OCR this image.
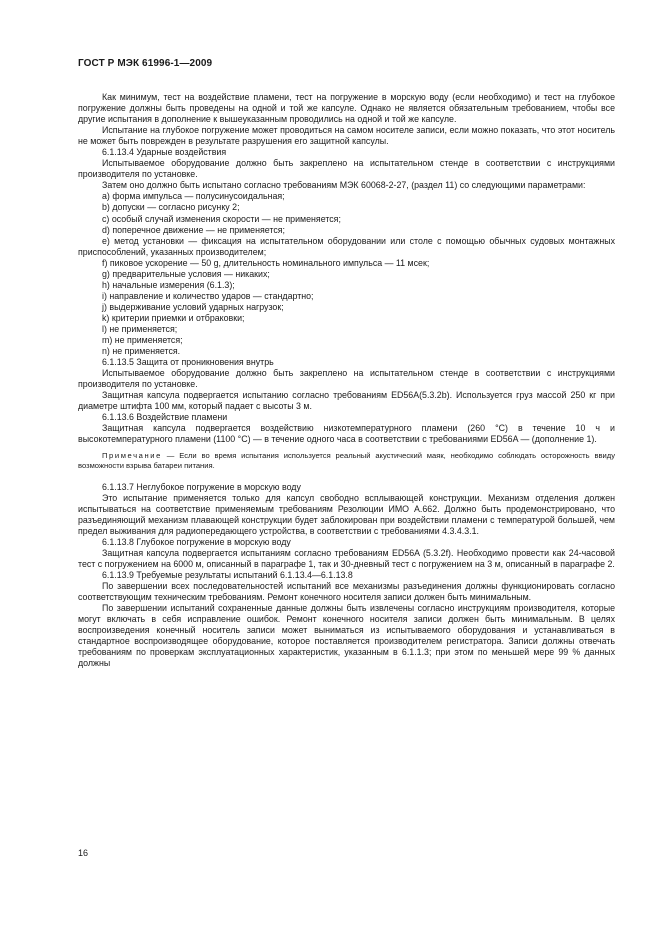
ГОСТ Р МЭК 61996-1—2009

Как минимум, тест на воздействие пламени, тест на погружение в морскую воду (если необходимо) и тест на глубокое погружение должны быть проведены на одной и той же капсуле. Однако не является обязательным требованием, чтобы все другие испытания в дополнение к вышеуказанным проводились на одной и той же капсуле.

Испытание на глубокое погружение может проводиться на самом носителе записи, если можно показать, что этот носитель не может быть поврежден в результате разрушения его защитной капсулы.

6.1.13.4 Ударные воздействия

Испытываемое оборудование должно быть закреплено на испытательном стенде в соответствии с инструкциями производителя по установке.

Затем оно должно быть испытано согласно требованиям МЭК 60068-2-27, (раздел 11) со следующими параметрами:

a) форма импульса — полусинусоидальная;

b) допуски — согласно рисунку 2;

c) особый случай изменения скорости — не применяется;

d) поперечное движение — не применяется;

e) метод установки — фиксация на испытательном оборудовании или столе с помощью обычных судовых монтажных приспособлений, указанных производителем;

f) пиковое ускорение — 50 g, длительность номинального импульса — 11 мсек;

g) предварительные условия — никаких;

h) начальные измерения (6.1.3);

i) направление и количество ударов — стандартно;

j) выдерживание условий ударных нагрузок;

k) критерии приемки и отбраковки;

l) не применяется;

m) не применяется;

n) не применяется.

6.1.13.5 Защита от проникновения внутрь

Испытываемое оборудование должно быть закреплено на испытательном стенде в соответствии с инструкциями производителя по установке.

Защитная капсула подвергается испытанию согласно требованиям ED56A(5.3.2b). Используется груз массой 250 кг при диаметре штифта 100 мм, который падает с высоты 3 м.

6.1.13.6 Воздействие пламени

Защитная капсула подвергается воздействию низкотемпературного пламени (260 °C) в течение 10 ч и высокотемпературного пламени (1100 °C) — в течение одного часа в соответствии с требованиями ED56A — (дополнение 1).

Примечание — Если во время испытания используется реальный акустический маяк, необходимо соблюдать осторожность ввиду возможности взрыва батареи питания.

6.1.13.7 Неглубокое погружение в морскую воду

Это испытание применяется только для капсул свободно всплывающей конструкции. Механизм отделения должен испытываться на соответствие применяемым требованиям Резолюции ИМО А.662. Должно быть продемонстрировано, что разъединяющий механизм плавающей конструкции будет заблокирован при воздействии пламени с температурой большей, чем предел выживания для радиопередающего устройства, в соответствии с требованиями 4.3.4.3.1.

6.1.13.8 Глубокое погружение в морскую воду

Защитная капсула подвергается испытаниям согласно требованиям ED56A (5.3.2f). Необходимо провести как 24-часовой тест с погружением на 6000 м, описанный в параграфе 1, так и 30-дневный тест с погружением на 3 м, описанный в параграфе 2.

6.1.13.9 Требуемые результаты испытаний 6.1.13.4—6.1.13.8

По завершении всех последовательностей испытаний все механизмы разъединения должны функционировать согласно соответствующим техническим требованиям. Ремонт конечного носителя записи должен быть минимальным.

По завершении испытаний сохраненные данные должны быть извлечены согласно инструкциям производителя, которые могут включать в себя исправление ошибок. Ремонт конечного носителя записи должен быть минимальным. В целях воспроизведения конечный носитель записи может выниматься из испытываемого оборудования и устанавливаться в стандартное воспроизводящее оборудование, которое поставляется производителем регистратора. Записи должны отвечать требованиям по проверкам эксплуатационных характеристик, указанным в 6.1.1.3; при этом по меньшей мере 99 % данных должны

16
